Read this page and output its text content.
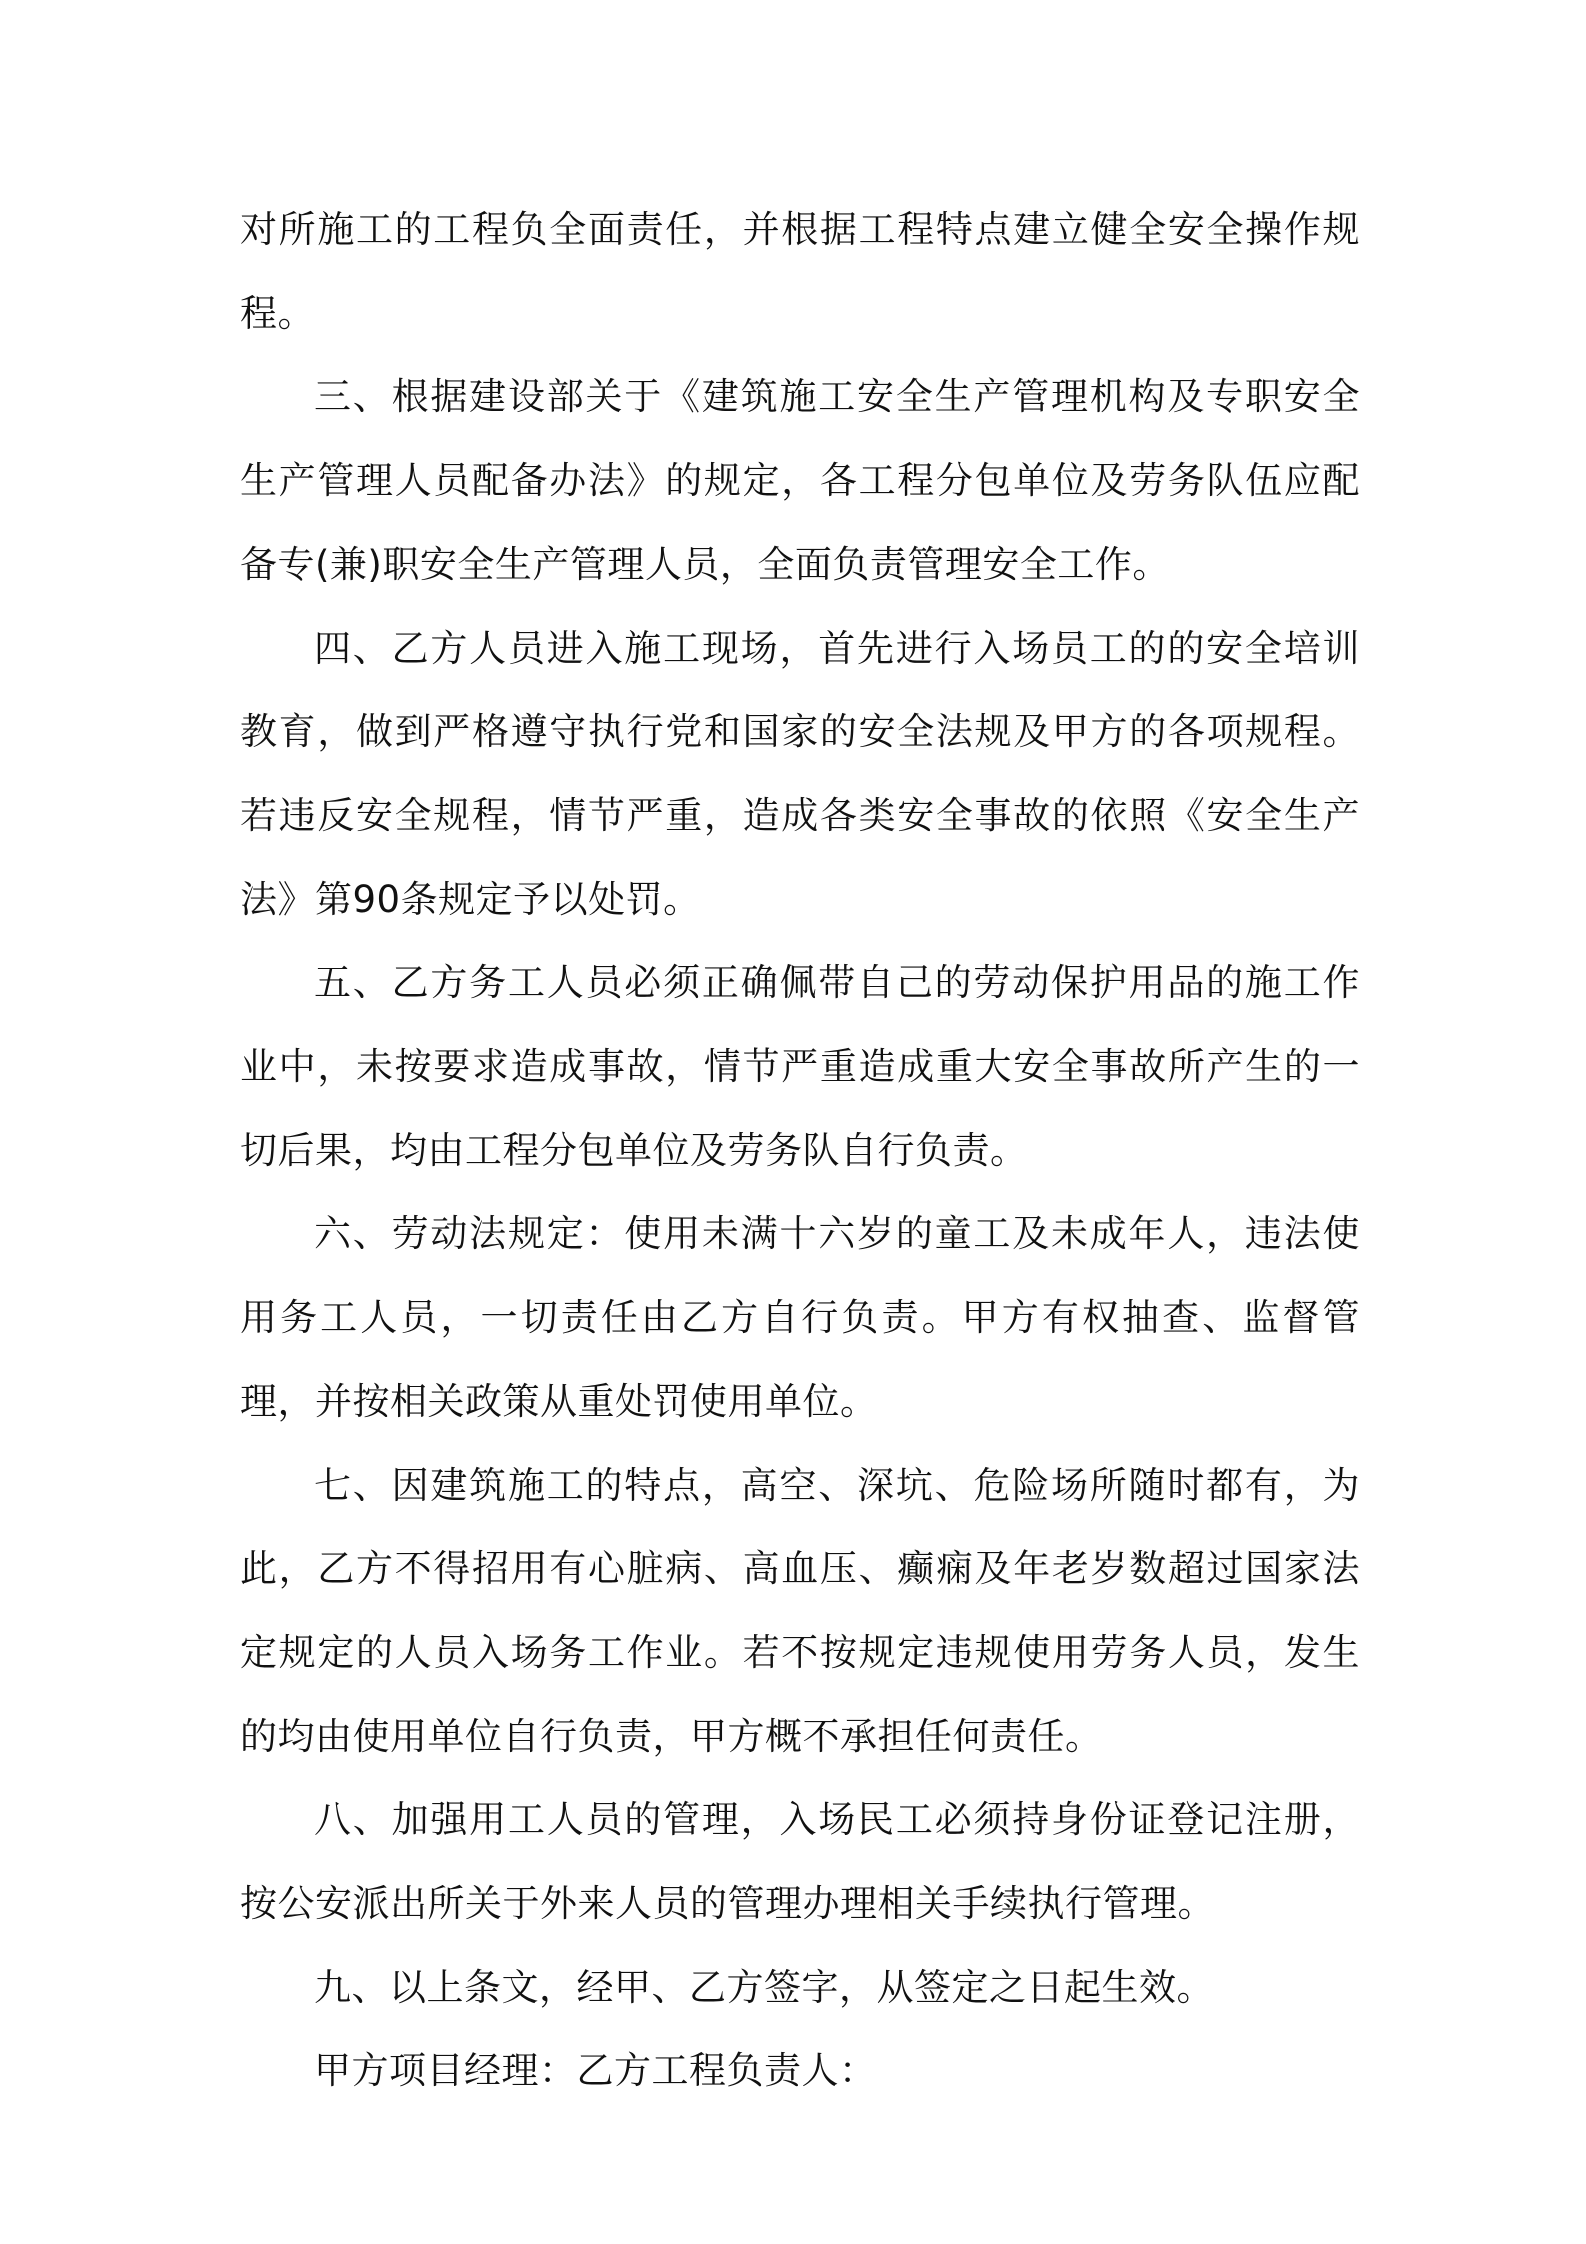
对所施工的工程负全面责任，并根据工程特点建立健全安全操作规程。

三、根据建设部关于《建筑施工安全生产管理机构及专职安全生产管理人员配备办法》的规定，各工程分包单位及劳务队伍应配备专(兼)职安全生产管理人员，全面负责管理安全工作。

四、乙方人员进入施工现场，首先进行入场员工的的安全培训教育，做到严格遵守执行党和国家的安全法规及甲方的各项规程。若违反安全规程，情节严重，造成各类安全事故的依照《安全生产法》第90条规定予以处罚。

五、乙方务工人员必须正确佩带自己的劳动保护用品的施工作业中，未按要求造成事故，情节严重造成重大安全事故所产生的一切后果，均由工程分包单位及劳务队自行负责。

六、劳动法规定：使用未满十六岁的童工及未成年人，违法使用务工人员，一切责任由乙方自行负责。甲方有权抽查、监督管理，并按相关政策从重处罚使用单位。

七、因建筑施工的特点，高空、深坑、危险场所随时都有，为此，乙方不得招用有心脏病、高血压、癫痫及年老岁数超过国家法定规定的人员入场务工作业。若不按规定违规使用劳务人员，发生的均由使用单位自行负责，甲方概不承担任何责任。

八、加强用工人员的管理，入场民工必须持身份证登记注册，按公安派出所关于外来人员的管理办理相关手续执行管理。

九、以上条文，经甲、乙方签字，从签定之日起生效。

甲方项目经理：乙方工程负责人：
